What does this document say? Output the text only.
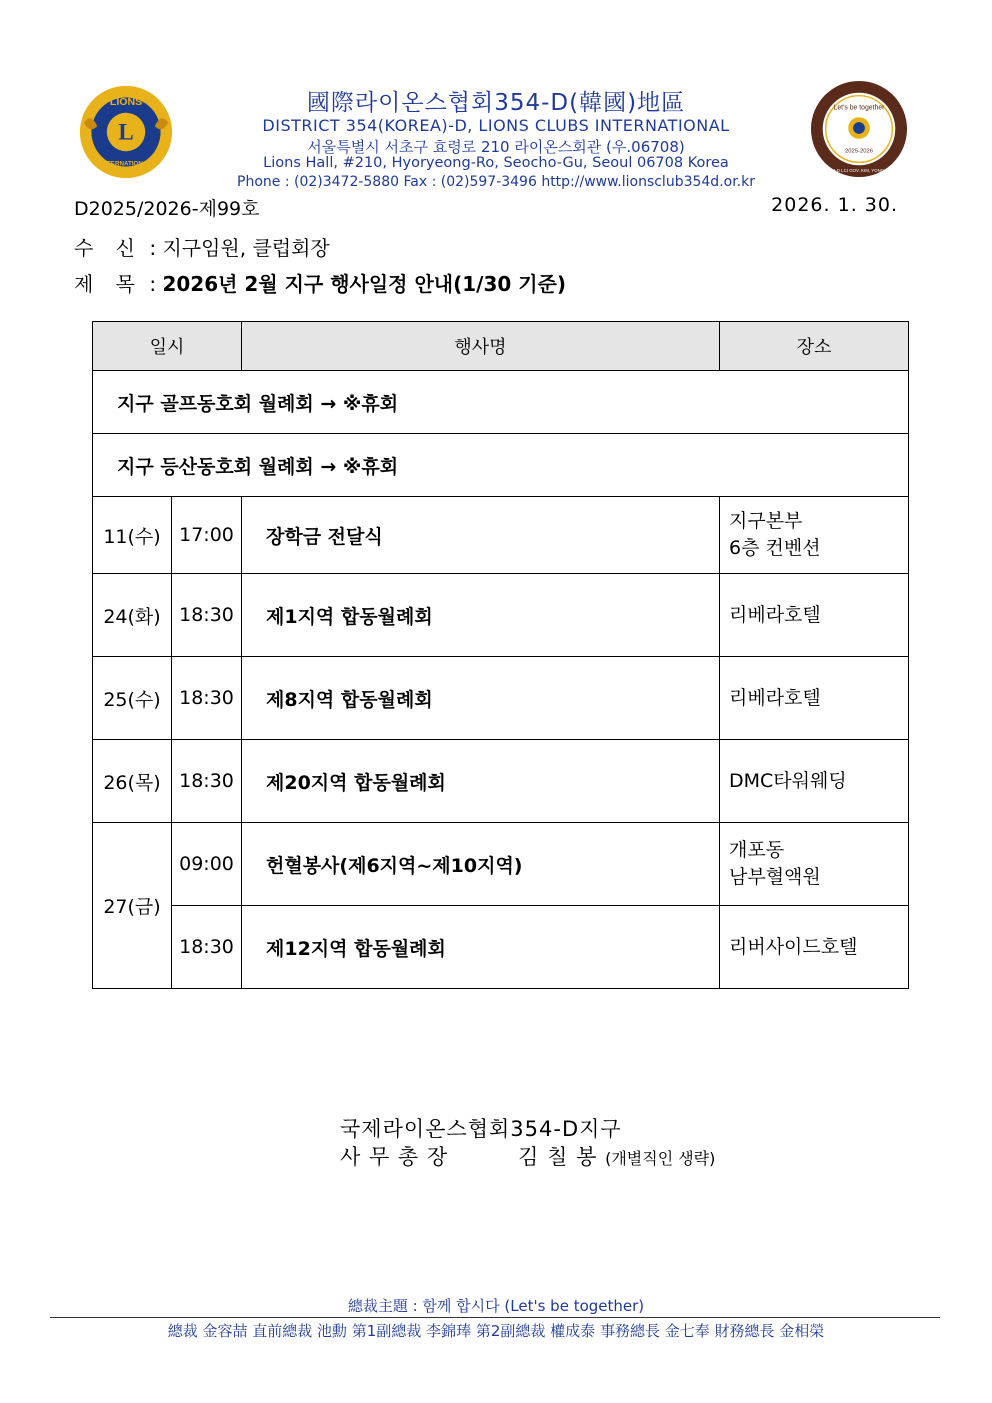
L
LIONS
INTERNATIONAL
國際라이온스협회354-D(韓國)地區
DISTRICT 354(KOREA)-D, LIONS CLUBS INTERNATIONAL
서울특별시 서초구 효령로 210 라이온스회관 (우.06708)
Lions Hall, #210, Hyoryeong-Ro, Seocho-Gu, Seoul 06708 Korea
Phone : (02)3472-5880 Fax : (02)597-3496 http://www.lionsclub354d.or.kr
Let's be together
2025-2026
DIST.354-D LCI GOV. KIM, YONG-CHEOL
D2025/2026-제99호	2026. 1. 30.
수 신 : 지구임원, 클럽회장
제 목 : 2026년 2월 지구 행사일정 안내(1/30 기준)
일시		행사명	장소
지구 골프동호회 월례회 → ※휴회			
지구 등산동호회 월례회 → ※휴회			
11(수)	17:00	장학금 전달식	지구본부
6층 컨벤션

24(화)	18:30	제1지역 합동월례회	리베라호텔
25(수)	18:30	제8지역 합동월례회	리베라호텔
26(목)	18:30	제20지역 합동월례회	DMC타워웨딩
27(금)	09:00	헌혈봉사(제6지역~제10지역)	개포동
남부혈액원

	18:30	제12지역 합동월례회	리버사이드호텔
국제라이온스협회354-D지구
사 무 총 장	김 칠 봉 (개별직인 생략)
總裁主題 : 함께 합시다 (Let's be together)
總裁 金容喆 直前總裁 池勳 第1副總裁 李錦琫 第2副總裁 權成泰 事務總長 金七奉 財務總長 金相榮
